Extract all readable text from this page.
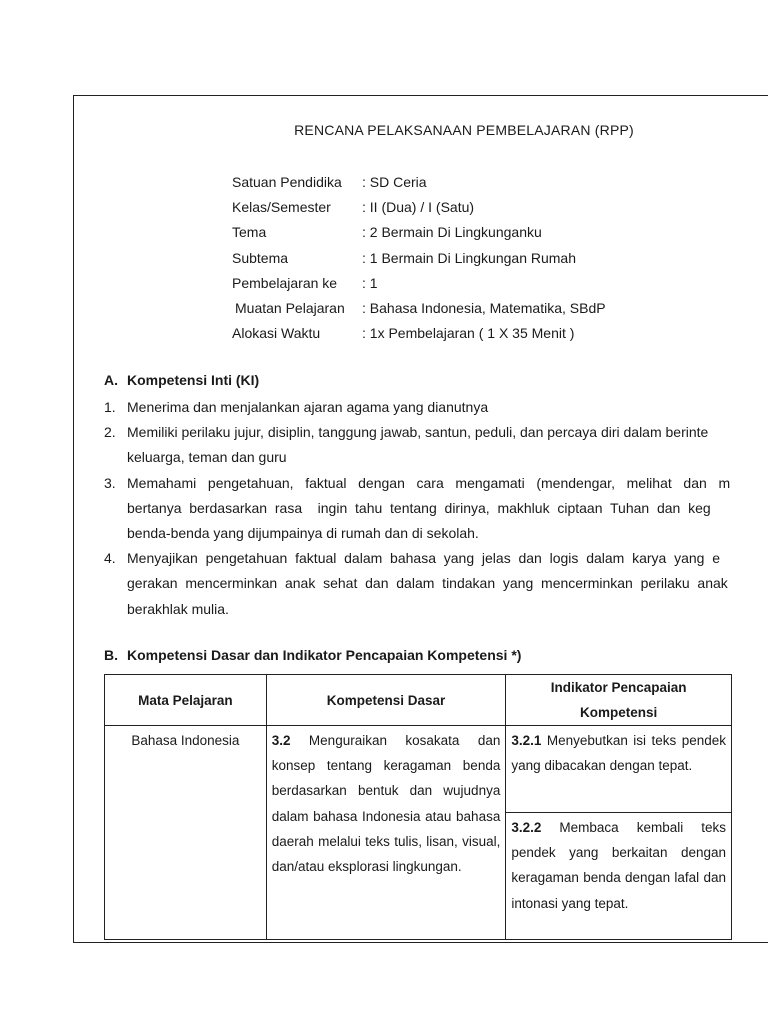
RENCANA PELAKSANAAN PEMBELAJARAN (RPP)
Satuan Pendidika : SD Ceria
Kelas/Semester : II (Dua) / I (Satu)
Tema	: 2 Bermain Di Lingkunganku
Subtema	: 1 Bermain Di Lingkungan Rumah
Pembelajaran ke : 1
Muatan Pelajaran : Bahasa Indonesia, Matematika, SBdP
Alokasi Waktu	: 1x Pembelajaran ( 1 X 35 Menit )
A. Kompetensi Inti (KI)
1. Menerima dan menjalankan ajaran agama yang dianutnya
2. Memiliki perilaku jujur, disiplin, tanggung jawab, santun, peduli, dan percaya diri dalam berinte
keluarga, teman dan guru
3. Memahami   pengetahuan,   faktual   dengan   cara   mengamati   (mendengar,   melihat   dan   m
bertanya  berdasarkan  rasa    ingin  tahu  tentang  dirinya,  makhluk  ciptaan  Tuhan  dan  keg
benda-benda yang dijumpainya di rumah dan di sekolah.
4. Menyajikan  pengetahuan  faktual  dalam  bahasa  yang  jelas  dan  logis  dalam  karya  yang  e
gerakan  mencerminkan  anak  sehat  dan  dalam  tindakan  yang  mencerminkan  perilaku  anak
berakhlak mulia.
B. Kompetensi Dasar dan Indikator Pencapaian Kompetensi *)
Mata Pelajaran	Kompetensi Dasar	Indikator Pencapaian Kompetensi
Bahasa Indonesia	3.2 Menguraikan kosakata dan konsep tentang keragaman benda berdasarkan bentuk dan wujudnya dalam bahasa Indonesia atau bahasa daerah melalui teks tulis, lisan, visual, dan/atau eksplorasi lingkungan.	3.2.1 Menyebutkan isi teks pendek yang dibacakan dengan tepat.
3.2.2 Membaca kembali teks pendek yang berkaitan dengan keragaman benda dengan lafal dan intonasi yang tepat.
